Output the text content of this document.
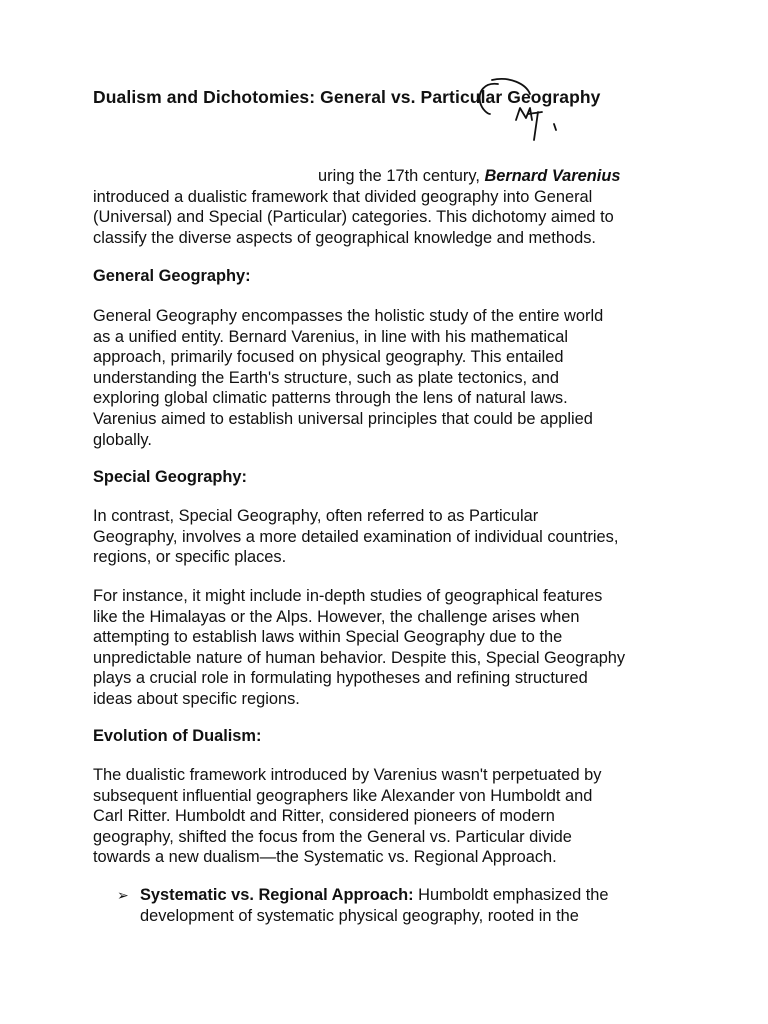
Dualism and Dichotomies: General vs. Particular Geography

uring the 17th century, Bernard Varenius
introduced a dualistic framework that divided geography into General
(Universal) and Special (Particular) categories. This dichotomy aimed to
classify the diverse aspects of geographical knowledge and methods.

General Geography:

General Geography encompasses the holistic study of the entire world
as a unified entity. Bernard Varenius, in line with his mathematical
approach, primarily focused on physical geography. This entailed
understanding the Earth's structure, such as plate tectonics, and
exploring global climatic patterns through the lens of natural laws.
Varenius aimed to establish universal principles that could be applied
globally.

Special Geography:

In contrast, Special Geography, often referred to as Particular
Geography, involves a more detailed examination of individual countries,
regions, or specific places.

For instance, it might include in-depth studies of geographical features
like the Himalayas or the Alps. However, the challenge arises when
attempting to establish laws within Special Geography due to the
unpredictable nature of human behavior. Despite this, Special Geography
plays a crucial role in formulating hypotheses and refining structured
ideas about specific regions.

Evolution of Dualism:

The dualistic framework introduced by Varenius wasn't perpetuated by
subsequent influential geographers like Alexander von Humboldt and
Carl Ritter. Humboldt and Ritter, considered pioneers of modern
geography, shifted the focus from the General vs. Particular divide
towards a new dualism—the Systematic vs. Regional Approach.

➢ Systematic vs. Regional Approach: Humboldt emphasized the
development of systematic physical geography, rooted in the
